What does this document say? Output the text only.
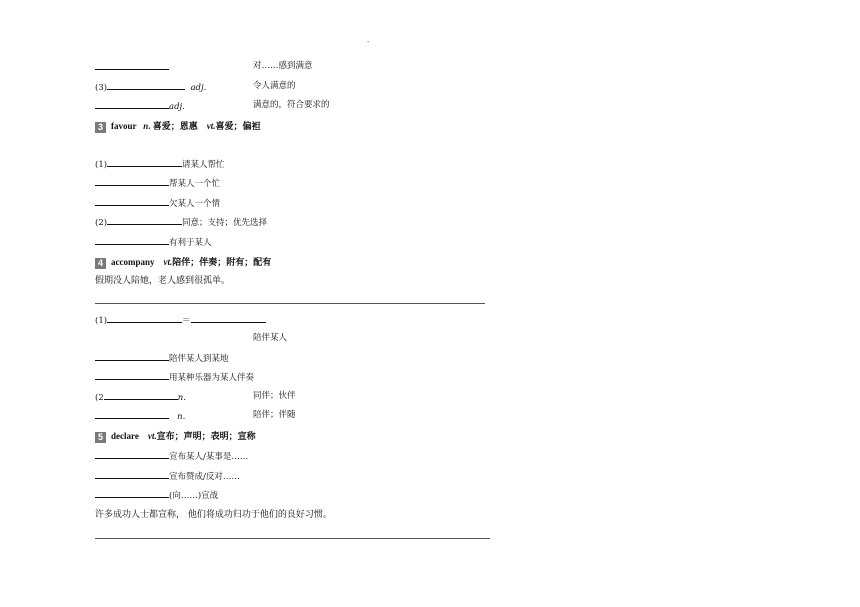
-
对……感到满意
(3)	adj.	令人满意的
adj.	满意的，符合要求的
3 favour n. 喜爱；恩惠 vt.喜爱；偏袒
(1)	请某人帮忙
帮某人一个忙
欠某人一个情
(2)	同意；支持；优先选择
有利于某人
4 accompany vt.陪伴；伴奏；附有；配有
假期没人陪她，老人感到很孤单。
(1)	＝
陪伴某人
陪伴某人到某地
用某种乐器为某人伴奏
(2	n.	同伴；伙伴
n.	陪伴；伴随
5 declare vt.宣布；声明；表明；宣称
宣布某人/某事是……
宣布赞成/反对……
(向……)宣战
许多成功人士都宣称， 他们将成功归功于他们的良好习惯。
